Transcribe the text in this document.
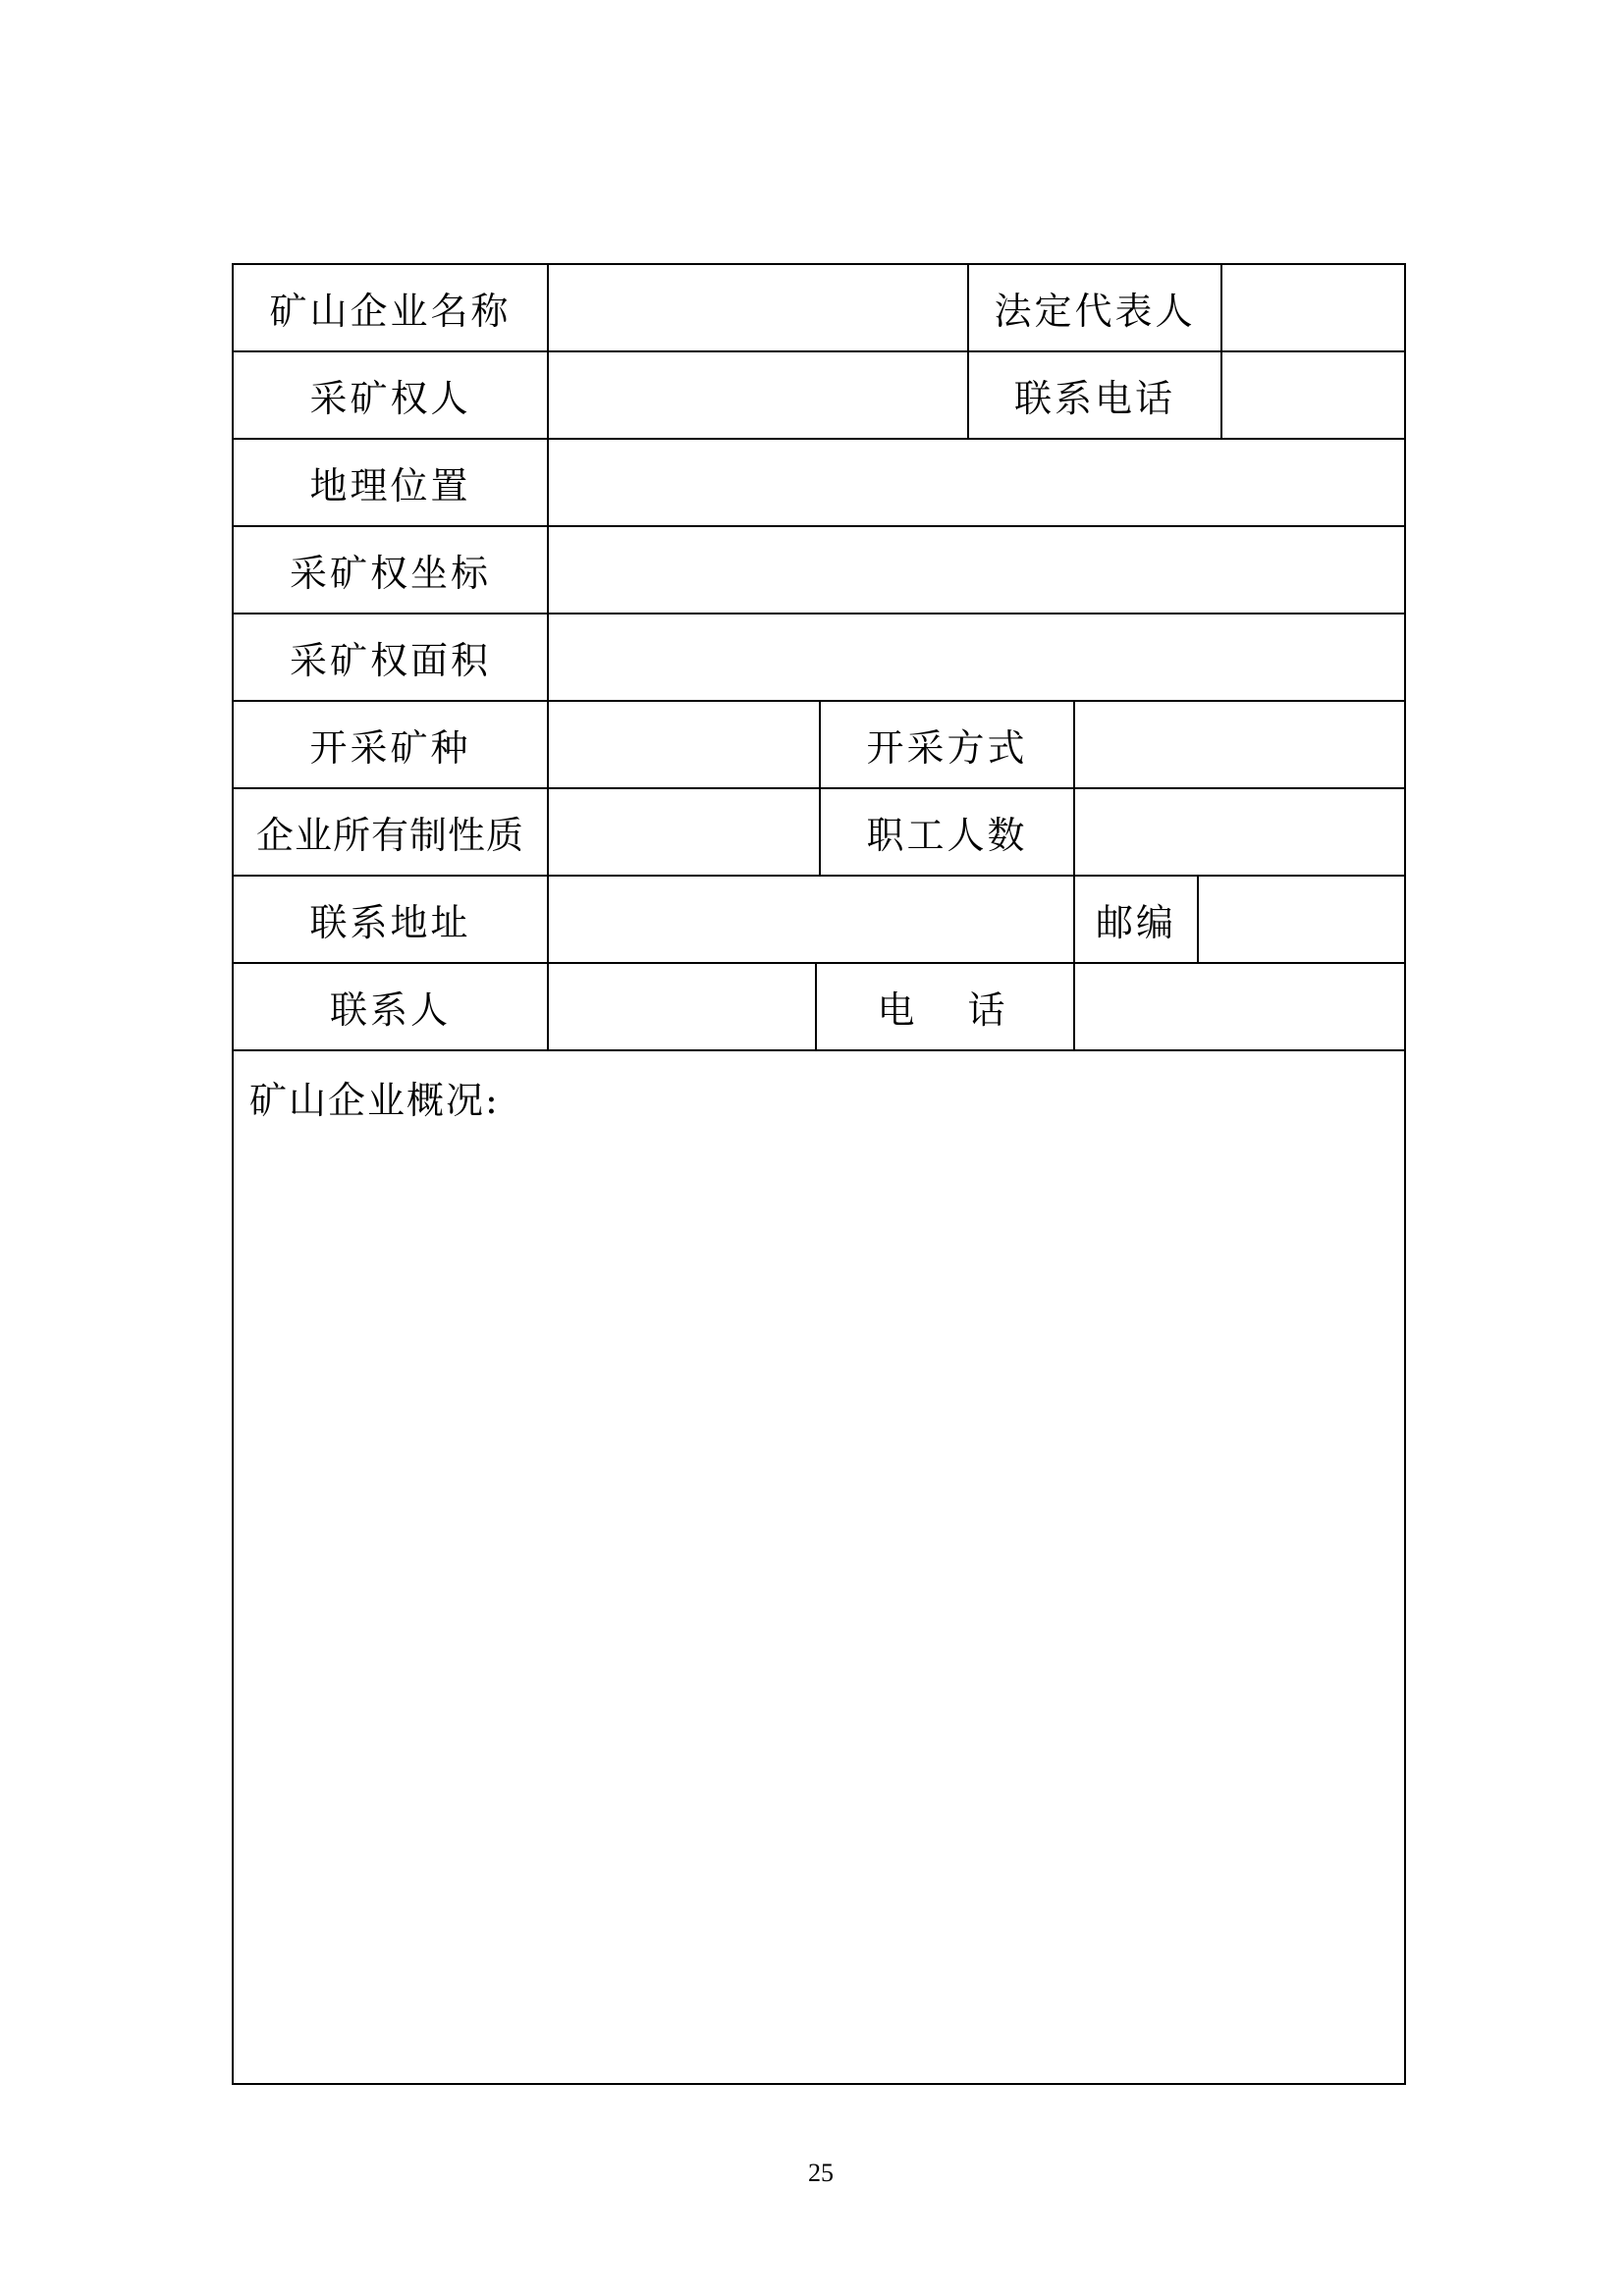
矿山企业名称	法定代表人
采矿权人	联系电话
地理位置
采矿权坐标
采矿权面积
开采矿种	开采方式
企业所有制性质	职工人数
联系地址	邮编
联系人	电　话
矿山企业概况:
25
